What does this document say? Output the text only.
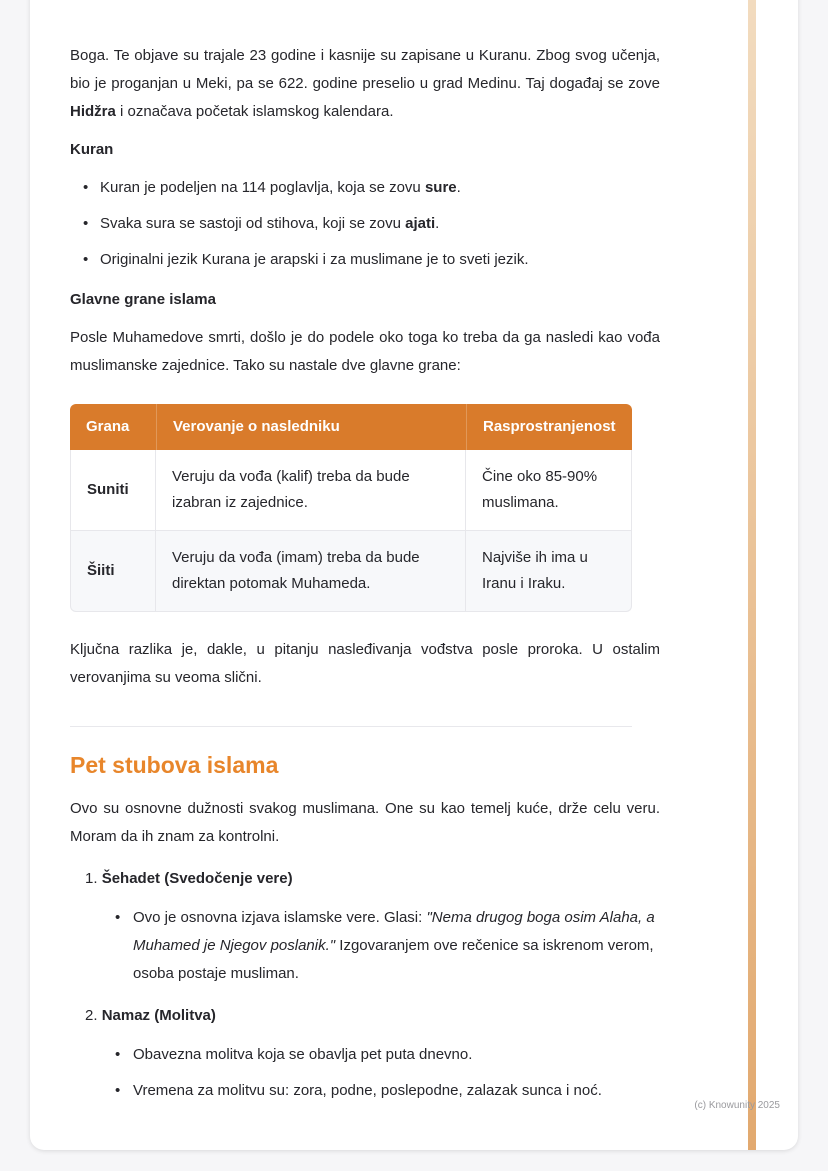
Boga. Te objave su trajale 23 godine i kasnije su zapisane u Kuranu. Zbog svog učenja, bio je proganjan u Meki, pa se 622. godine preselio u grad Medinu. Taj događaj se zove Hidžra i označava početak islamskog kalendara.

Kuran
• Kuran je podeljen na 114 poglavlja, koja se zovu sure.
• Svaka sura se sastoji od stihova, koji se zovu ajati.
• Originalni jezik Kurana je arapski i za muslimane je to sveti jezik.
Glavne grane islama

Posle Muhamedove smrti, došlo je do podele oko toga ko treba da ga nasledi kao vođa muslimanske zajednice. Tako su nastale dve glavne grane:

Grana	Verovanje o nasledniku	Rasprostranjenost
Suniti	Veruju da vođa (kalif) treba da bude izabran iz zajednice.	Čine oko 85-90% muslimana.
Šiiti	Veruju da vođa (imam) treba da bude direktan potomak Muhameda.	Najviše ih ima u Iranu i Iraku.

Ključna razlika je, dakle, u pitanju nasleđivanja vođstva posle proroka. U ostalim verovanjima su veoma slični.

Pet stubova islama

Ovo su osnovne dužnosti svakog muslimana. One su kao temelj kuće, drže celu veru. Moram da ih znam za kontrolni.

1. Šehadet (Svedočenje vere)
• Ovo je osnovna izjava islamske vere. Glasi: "Nema drugog boga osim Alaha, a Muhamed je Njegov poslanik." Izgovaranjem ove rečenice sa iskrenom verom, osoba postaje musliman.
2. Namaz (Molitva)
• Obavezna molitva koja se obavlja pet puta dnevno.
• Vremena za molitvu su: zora, podne, poslepodne, zalazak sunca i noć.
(c) Knowunity 2025
